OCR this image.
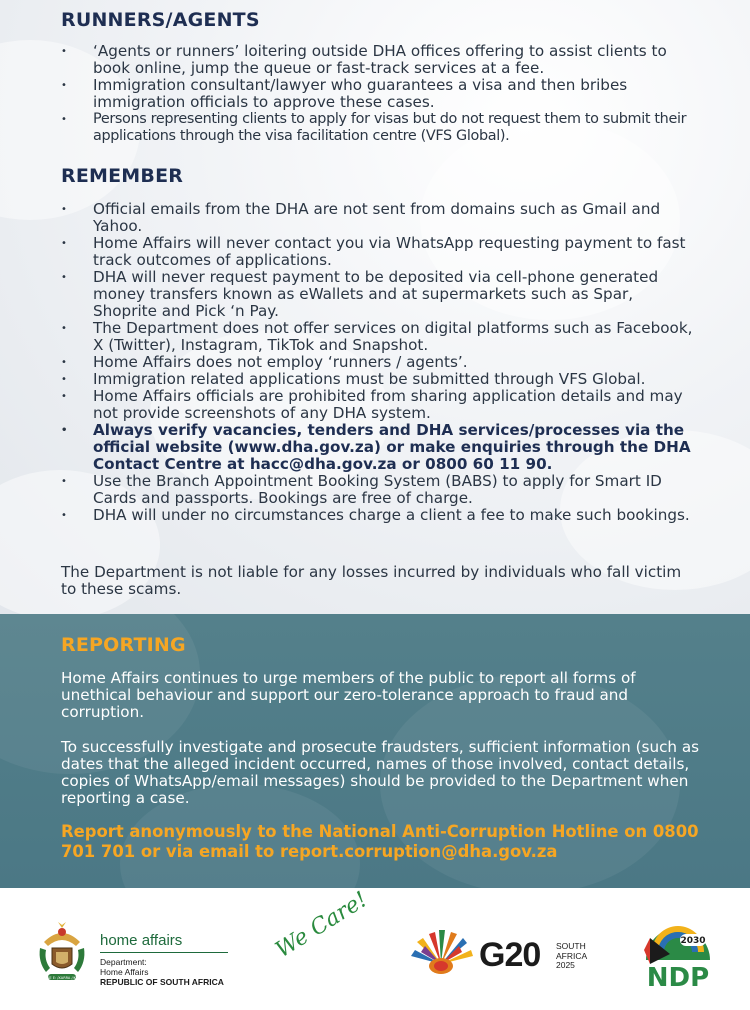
RUNNERS/AGENTS
• ‘Agents or runners’ loitering outside DHA offices offering to assist clients to book online, jump the queue or fast-track services at a fee.
• Immigration consultant/lawyer who guarantees a visa and then bribes immigration officials to approve these cases.
• Persons representing clients to apply for visas but do not request them to submit their applications through the visa facilitation centre (VFS Global).
REMEMBER
• Official emails from the DHA are not sent from domains such as Gmail and Yahoo.
• Home Affairs will never contact you via WhatsApp requesting payment to fast track outcomes of applications.
• DHA will never request payment to be deposited via cell-phone generated money transfers known as eWallets and at supermarkets such as Spar, Shoprite and Pick ‘n Pay.
• The Department does not offer services on digital platforms such as Facebook, X (Twitter), Instagram, TikTok and Snapshot.
• Home Affairs does not employ ‘runners / agents’.
• Immigration related applications must be submitted through VFS Global.
• Home Affairs officials are prohibited from sharing application details and may not provide screenshots of any DHA system.
• Always verify vacancies, tenders and DHA services/processes via the official website (www.dha.gov.za) or make enquiries through the DHA Contact Centre at hacc@dha.gov.za or 0800 60 11 90.
• Use the Branch Appointment Booking System (BABS) to apply for Smart ID Cards and passports. Bookings are free of charge.
• DHA will under no circumstances charge a client a fee to make such bookings.
The Department is not liable for any losses incurred by individuals who fall victim to these scams.
REPORTING
Home Affairs continues to urge members of the public to report all forms of unethical behaviour and support our zero-tolerance approach to fraud and corruption.
To successfully investigate and prosecute fraudsters, sufficient information (such as dates that the alleged incident occurred, names of those involved, contact details, copies of WhatsApp/email messages) should be provided to the Department when reporting a case.
Report anonymously to the National Anti-Corruption Hotline on 0800 701 701 or via email to report.corruption@dha.gov.za
!KE E: /XARRA //KE
home affairs
Department:
Home Affairs
REPUBLIC OF SOUTH AFRICA
We Care!	G20 SOUTH
AFRICA
2025
2030
NDP
